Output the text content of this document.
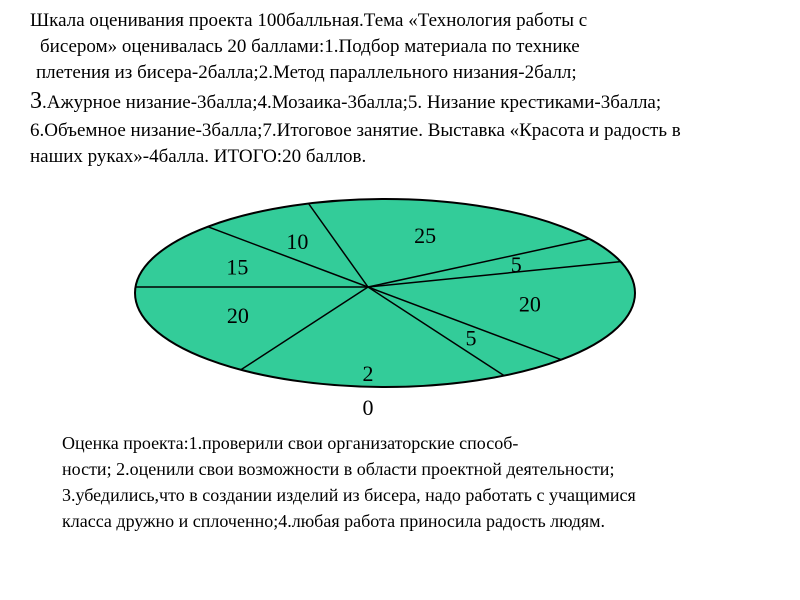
Шкала оценивания проекта 100балльная.Тема «Технология работы с
бисером» оценивалась 20 баллами:1.Подбор материала по технике
плетения из бисера-2балла;2.Метод параллельного низания-2балл;
3.Ажурное низание-3балла;4.Мозаика-3балла;5. Низание крестиками-3балла;
6.Объемное низание-3балла;7.Итоговое занятие. Выставка «Красота и радость в
наших руках»-4балла. ИТОГО:20 баллов.
25
5
20
5
2 0
20
15
10
Оценка проекта:1.проверили свои организаторские способ-
ности; 2.оценили свои возможности в области проектной деятельности;
3.убедились,что в создании изделий из бисера, надо работать с учащимися
класса дружно и сплоченно;4.любая работа приносила радость людям.
